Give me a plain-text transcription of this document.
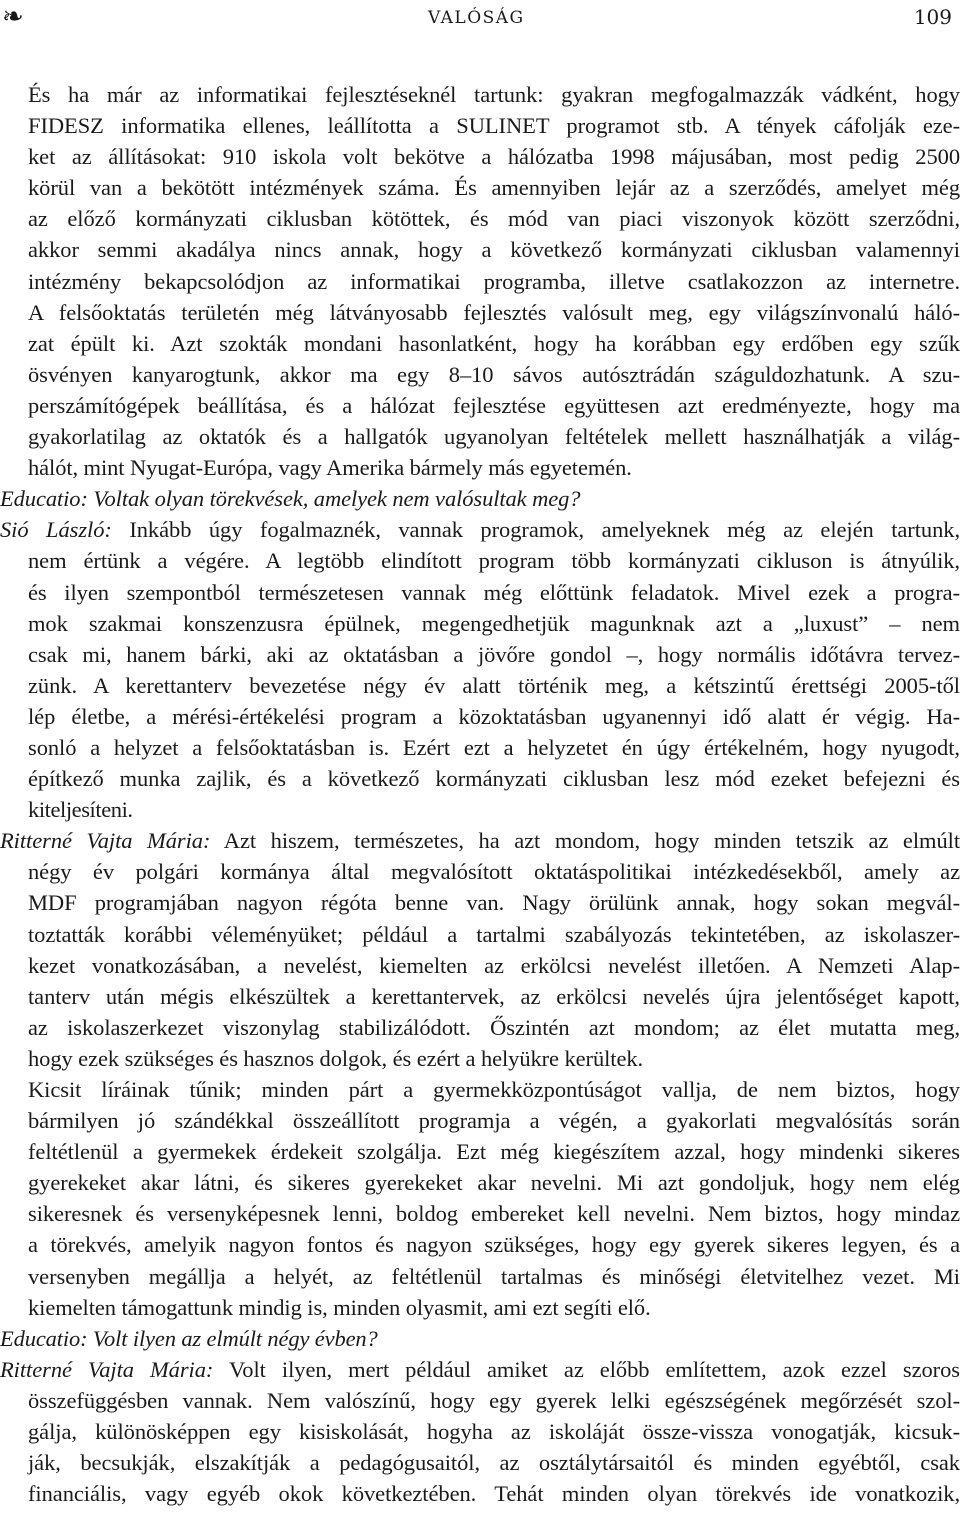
❧	VALÓSÁG	109
És ha már az informatikai fejlesztéseknél tartunk: gyakran megfogalmazzák vádként, hogy
FIDESZ informatika ellenes, leállította a SULINET programot stb. A tények cáfolják eze-
ket az állításokat: 910 iskola volt bekötve a hálózatba 1998 májusában, most pedig 2500
körül van a bekötött intézmények száma. És amennyiben lejár az a szerződés, amelyet még
az előző kormányzati ciklusban kötöttek, és mód van piaci viszonyok között szerződni,
akkor semmi akadálya nincs annak, hogy a következő kormányzati ciklusban valamennyi
intézmény bekapcsolódjon az informatikai programba, illetve csatlakozzon az internetre.
A felsőoktatás területén még látványosabb fejlesztés valósult meg, egy világszínvonalú háló-
zat épült ki. Azt szokták mondani hasonlatként, hogy ha korábban egy erdőben egy szűk
ösvényen kanyarogtunk, akkor ma egy 8–10 sávos autósztrádán száguldozhatunk. A szu-
perszámítógépek beállítása, és a hálózat fejlesztése együttesen azt eredményezte, hogy ma
gyakorlatilag az oktatók és a hallgatók ugyanolyan feltételek mellett használhatják a világ-
hálót, mint Nyugat-Európa, vagy Amerika bármely más egyetemén.
Educatio: Voltak olyan törekvések, amelyek nem valósultak meg?
Sió László: Inkább úgy fogalmaznék, vannak programok, amelyeknek még az elején tartunk,
nem értünk a végére. A legtöbb elindított program több kormányzati cikluson is átnyúlik,
és ilyen szempontból természetesen vannak még előttünk feladatok. Mivel ezek a progra-
mok szakmai konszenzusra épülnek, megengedhetjük magunknak azt a „luxust” – nem
csak mi, hanem bárki, aki az oktatásban a jövőre gondol –, hogy normális időtávra tervez-
zünk. A kerettanterv bevezetése négy év alatt történik meg, a kétszintű érettségi 2005-től
lép életbe, a mérési-értékelési program a közoktatásban ugyanennyi idő alatt ér végig. Ha-
sonló a helyzet a felsőoktatásban is. Ezért ezt a helyzetet én úgy értékelném, hogy nyugodt,
építkező munka zajlik, és a következő kormányzati ciklusban lesz mód ezeket befejezni és
kiteljesíteni.
Ritterné Vajta Mária: Azt hiszem, természetes, ha azt mondom, hogy minden tetszik az elmúlt
négy év polgári kormánya által megvalósított oktatáspolitikai intézkedésekből, amely az
MDF programjában nagyon régóta benne van. Nagy örülünk annak, hogy sokan megvál-
toztatták korábbi véleményüket; például a tartalmi szabályozás tekintetében, az iskolaszer-
kezet vonatkozásában, a nevelést, kiemelten az erkölcsi nevelést illetően. A Nemzeti Alap-
tanterv után mégis elkészültek a kerettantervek, az erkölcsi nevelés újra jelentőséget kapott,
az iskolaszerkezet viszonylag stabilizálódott. Őszintén azt mondom; az élet mutatta meg,
hogy ezek szükséges és hasznos dolgok, és ezért a helyükre kerültek.
Kicsit líráinak tűnik; minden párt a gyermekközpontúságot vallja, de nem biztos, hogy
bármilyen jó szándékkal összeállított programja a végén, a gyakorlati megvalósítás során
feltétlenül a gyermekek érdekeit szolgálja. Ezt még kiegészítem azzal, hogy mindenki sikeres
gyerekeket akar látni, és sikeres gyerekeket akar nevelni. Mi azt gondoljuk, hogy nem elég
sikeresnek és versenyképesnek lenni, boldog embereket kell nevelni. Nem biztos, hogy mindaz
a törekvés, amelyik nagyon fontos és nagyon szükséges, hogy egy gyerek sikeres legyen, és a
versenyben megállja a helyét, az feltétlenül tartalmas és minőségi életvitelhez vezet. Mi
kiemelten támogattunk mindig is, minden olyasmit, ami ezt segíti elő.
Educatio: Volt ilyen az elmúlt négy évben?
Ritterné Vajta Mária: Volt ilyen, mert például amiket az előbb említettem, azok ezzel szoros
összefüggésben vannak. Nem valószínű, hogy egy gyerek lelki egészségének megőrzését szol-
gálja, különösképpen egy kisiskolását, hogyha az iskoláját össze-vissza vonogatják, kicsuk-
ják, becsukják, elszakítják a pedagógusaitól, az osztálytársaitól és minden egyébtől, csak
financiális, vagy egyéb okok következtében. Tehát minden olyan törekvés ide vonatkozik,
